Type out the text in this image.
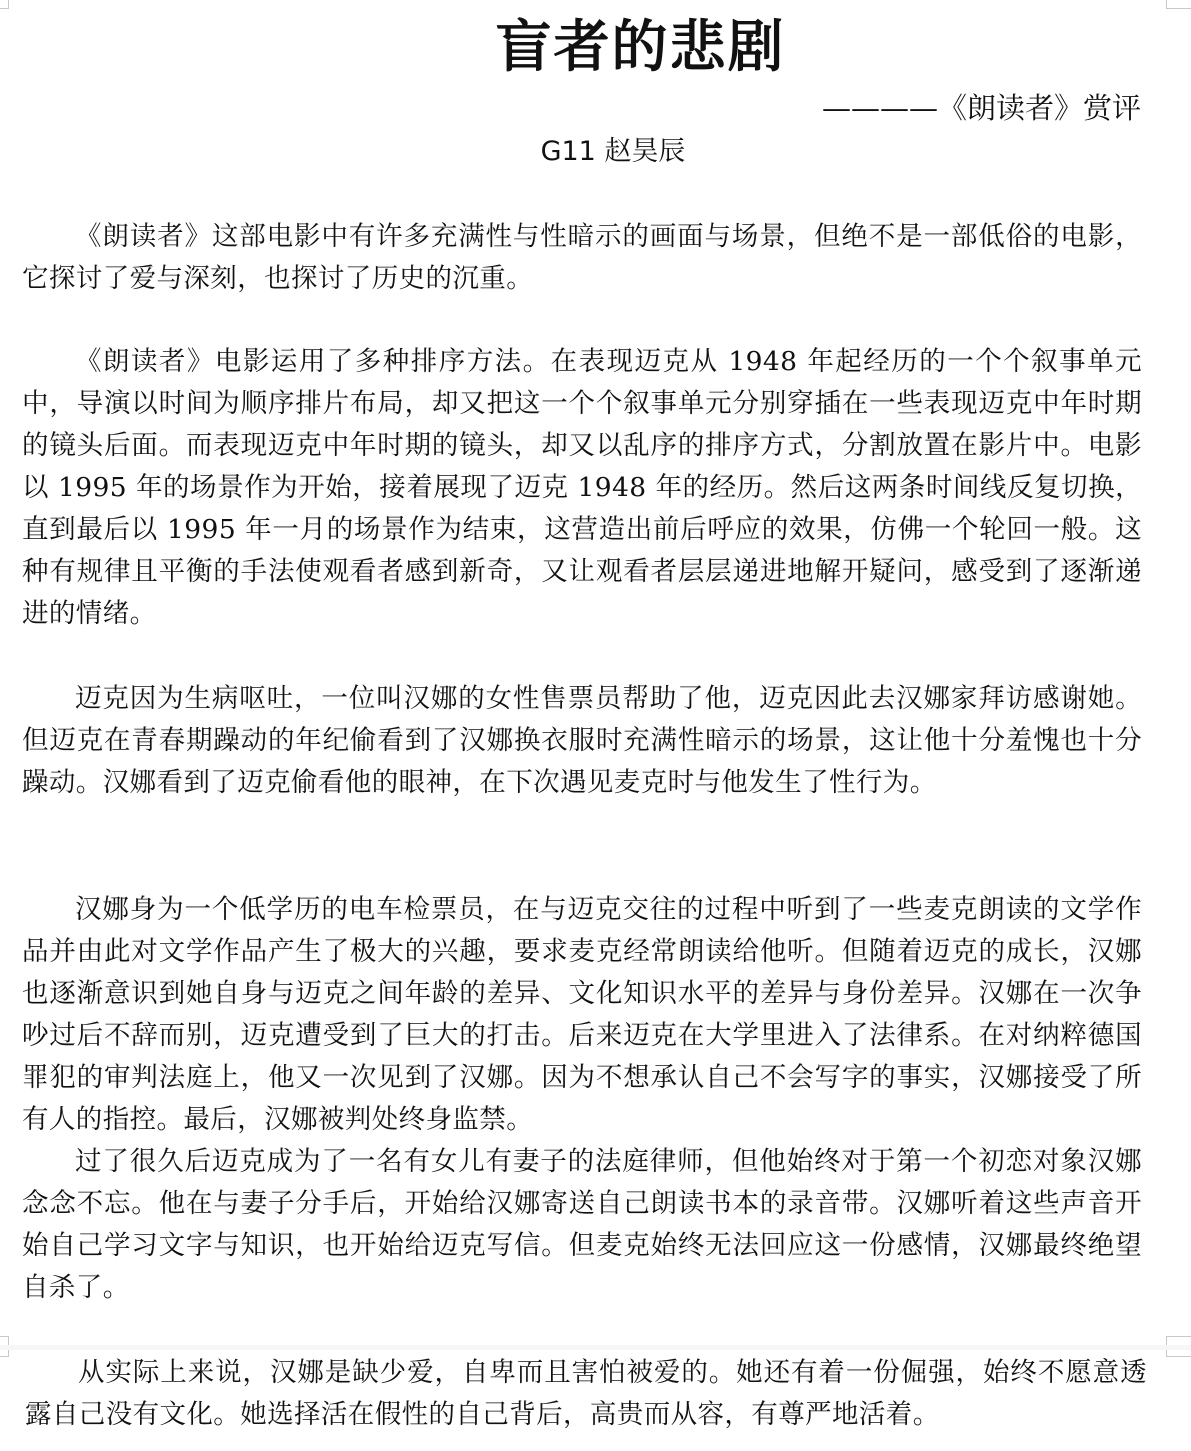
盲者的悲剧
————《朗读者》赏评
G11 赵昊辰

《朗读者》这部电影中有许多充满性与性暗示的画面与场景，但绝不是一部低俗的电影，它探讨了爱与深刻，也探讨了历史的沉重。

《朗读者》电影运用了多种排序方法。在表现迈克从 1948 年起经历的一个个叙事单元中，导演以时间为顺序排片布局，却又把这一个个叙事单元分别穿插在一些表现迈克中年时期的镜头后面。而表现迈克中年时期的镜头，却又以乱序的排序方式，分割放置在影片中。电影以 1995 年的场景作为开始，接着展现了迈克 1948 年的经历。然后这两条时间线反复切换，直到最后以 1995 年一月的场景作为结束，这营造出前后呼应的效果，仿佛一个轮回一般。这种有规律且平衡的手法使观看者感到新奇，又让观看者层层递进地解开疑问，感受到了逐渐递进的情绪。

迈克因为生病呕吐，一位叫汉娜的女性售票员帮助了他，迈克因此去汉娜家拜访感谢她。但迈克在青春期躁动的年纪偷看到了汉娜换衣服时充满性暗示的场景，这让他十分羞愧也十分躁动。汉娜看到了迈克偷看他的眼神，在下次遇见麦克时与他发生了性行为。

汉娜身为一个低学历的电车检票员，在与迈克交往的过程中听到了一些麦克朗读的文学作品并由此对文学作品产生了极大的兴趣，要求麦克经常朗读给他听。但随着迈克的成长，汉娜也逐渐意识到她自身与迈克之间年龄的差异、文化知识水平的差异与身份差异。汉娜在一次争吵过后不辞而别，迈克遭受到了巨大的打击。后来迈克在大学里进入了法律系。在对纳粹德国罪犯的审判法庭上，他又一次见到了汉娜。因为不想承认自己不会写字的事实，汉娜接受了所有人的指控。最后，汉娜被判处终身监禁。

过了很久后迈克成为了一名有女儿有妻子的法庭律师，但他始终对于第一个初恋对象汉娜念念不忘。他在与妻子分手后，开始给汉娜寄送自己朗读书本的录音带。汉娜听着这些声音开始自己学习文字与知识，也开始给迈克写信。但麦克始终无法回应这一份感情，汉娜最终绝望自杀了。

从实际上来说，汉娜是缺少爱，自卑而且害怕被爱的。她还有着一份倔强，始终不愿意透露自己没有文化。她选择活在假性的自己背后，高贵而从容，有尊严地活着。
